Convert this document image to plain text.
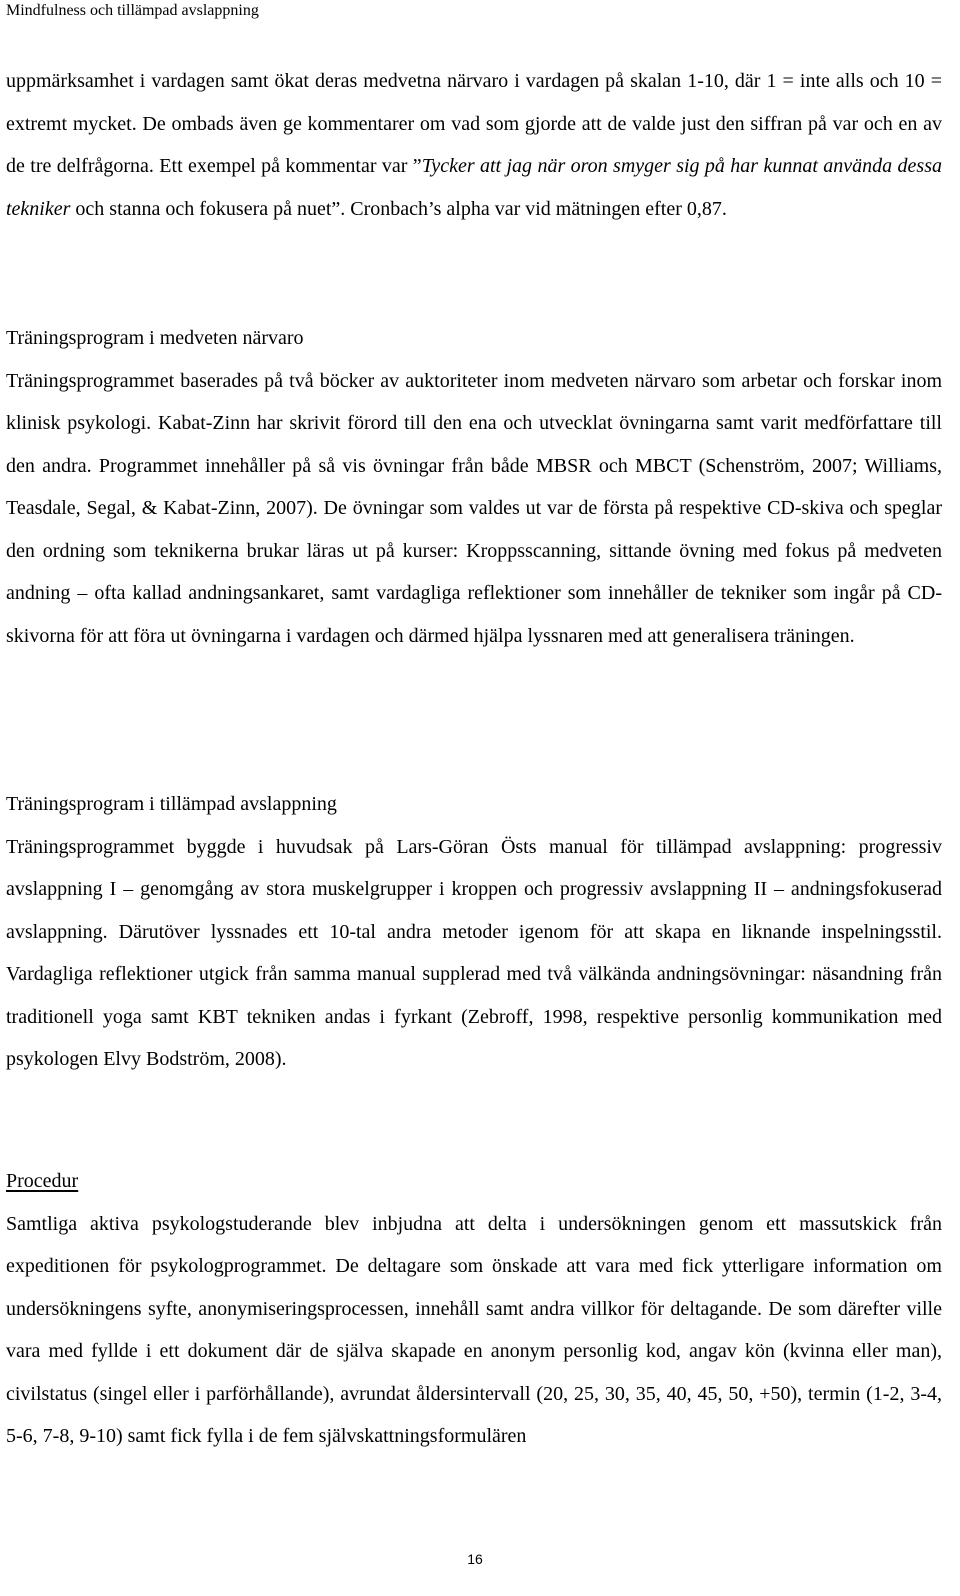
Mindfulness och tillämpad avslappning

uppmärksamhet i vardagen samt ökat deras medvetna närvaro i vardagen på skalan 1-10, där 1 = inte alls och 10 = extremt mycket. De ombads även ge kommentarer om vad som gjorde att de valde just den siffran på var och en av de tre delfrågorna. Ett exempel på kommentar var ”Tycker att jag när oron smyger sig på har kunnat använda dessa tekniker och stanna och fokusera på nuet”. Cronbach’s alpha var vid mätningen efter 0,87.

Träningsprogram i medveten närvaro

Träningsprogrammet baserades på två böcker av auktoriteter inom medveten närvaro som arbetar och forskar inom klinisk psykologi. Kabat-Zinn har skrivit förord till den ena och utvecklat övningarna samt varit medförfattare till den andra. Programmet innehåller på så vis övningar från både MBSR och MBCT (Schenström, 2007; Williams, Teasdale, Segal, & Kabat-Zinn, 2007). De övningar som valdes ut var de första på respektive CD-skiva och speglar den ordning som teknikerna brukar läras ut på kurser: Kroppsscanning, sittande övning med fokus på medveten andning – ofta kallad andningsankaret, samt vardagliga reflektioner som innehåller de tekniker som ingår på CD-skivorna för att föra ut övningarna i vardagen och därmed hjälpa lyssnaren med att generalisera träningen.

Träningsprogram i tillämpad avslappning

Träningsprogrammet byggde i huvudsak på Lars-Göran Östs manual för tillämpad avslappning: progressiv avslappning I – genomgång av stora muskelgrupper i kroppen och progressiv avslappning II – andningsfokuserad avslappning. Därutöver lyssnades ett 10-tal andra metoder igenom för att skapa en liknande inspelningsstil. Vardagliga reflektioner utgick från samma manual supplerad med två välkända andningsövningar: näsandning från traditionell yoga samt KBT tekniken andas i fyrkant (Zebroff, 1998, respektive personlig kommunikation med psykologen Elvy Bodström, 2008).

Procedur

Samtliga aktiva psykologstuderande blev inbjudna att delta i undersökningen genom ett massutskick från expeditionen för psykologprogrammet. De deltagare som önskade att vara med fick ytterligare information om undersökningens syfte, anonymiseringsprocessen, innehåll samt andra villkor för deltagande. De som därefter ville vara med fyllde i ett dokument där de själva skapade en anonym personlig kod, angav kön (kvinna eller man), civilstatus (singel eller i parförhållande), avrundat åldersintervall (20, 25, 30, 35, 40, 45, 50, +50), termin (1-2, 3-4, 5-6, 7-8, 9-10) samt fick fylla i de fem självskattningsformulären

16
